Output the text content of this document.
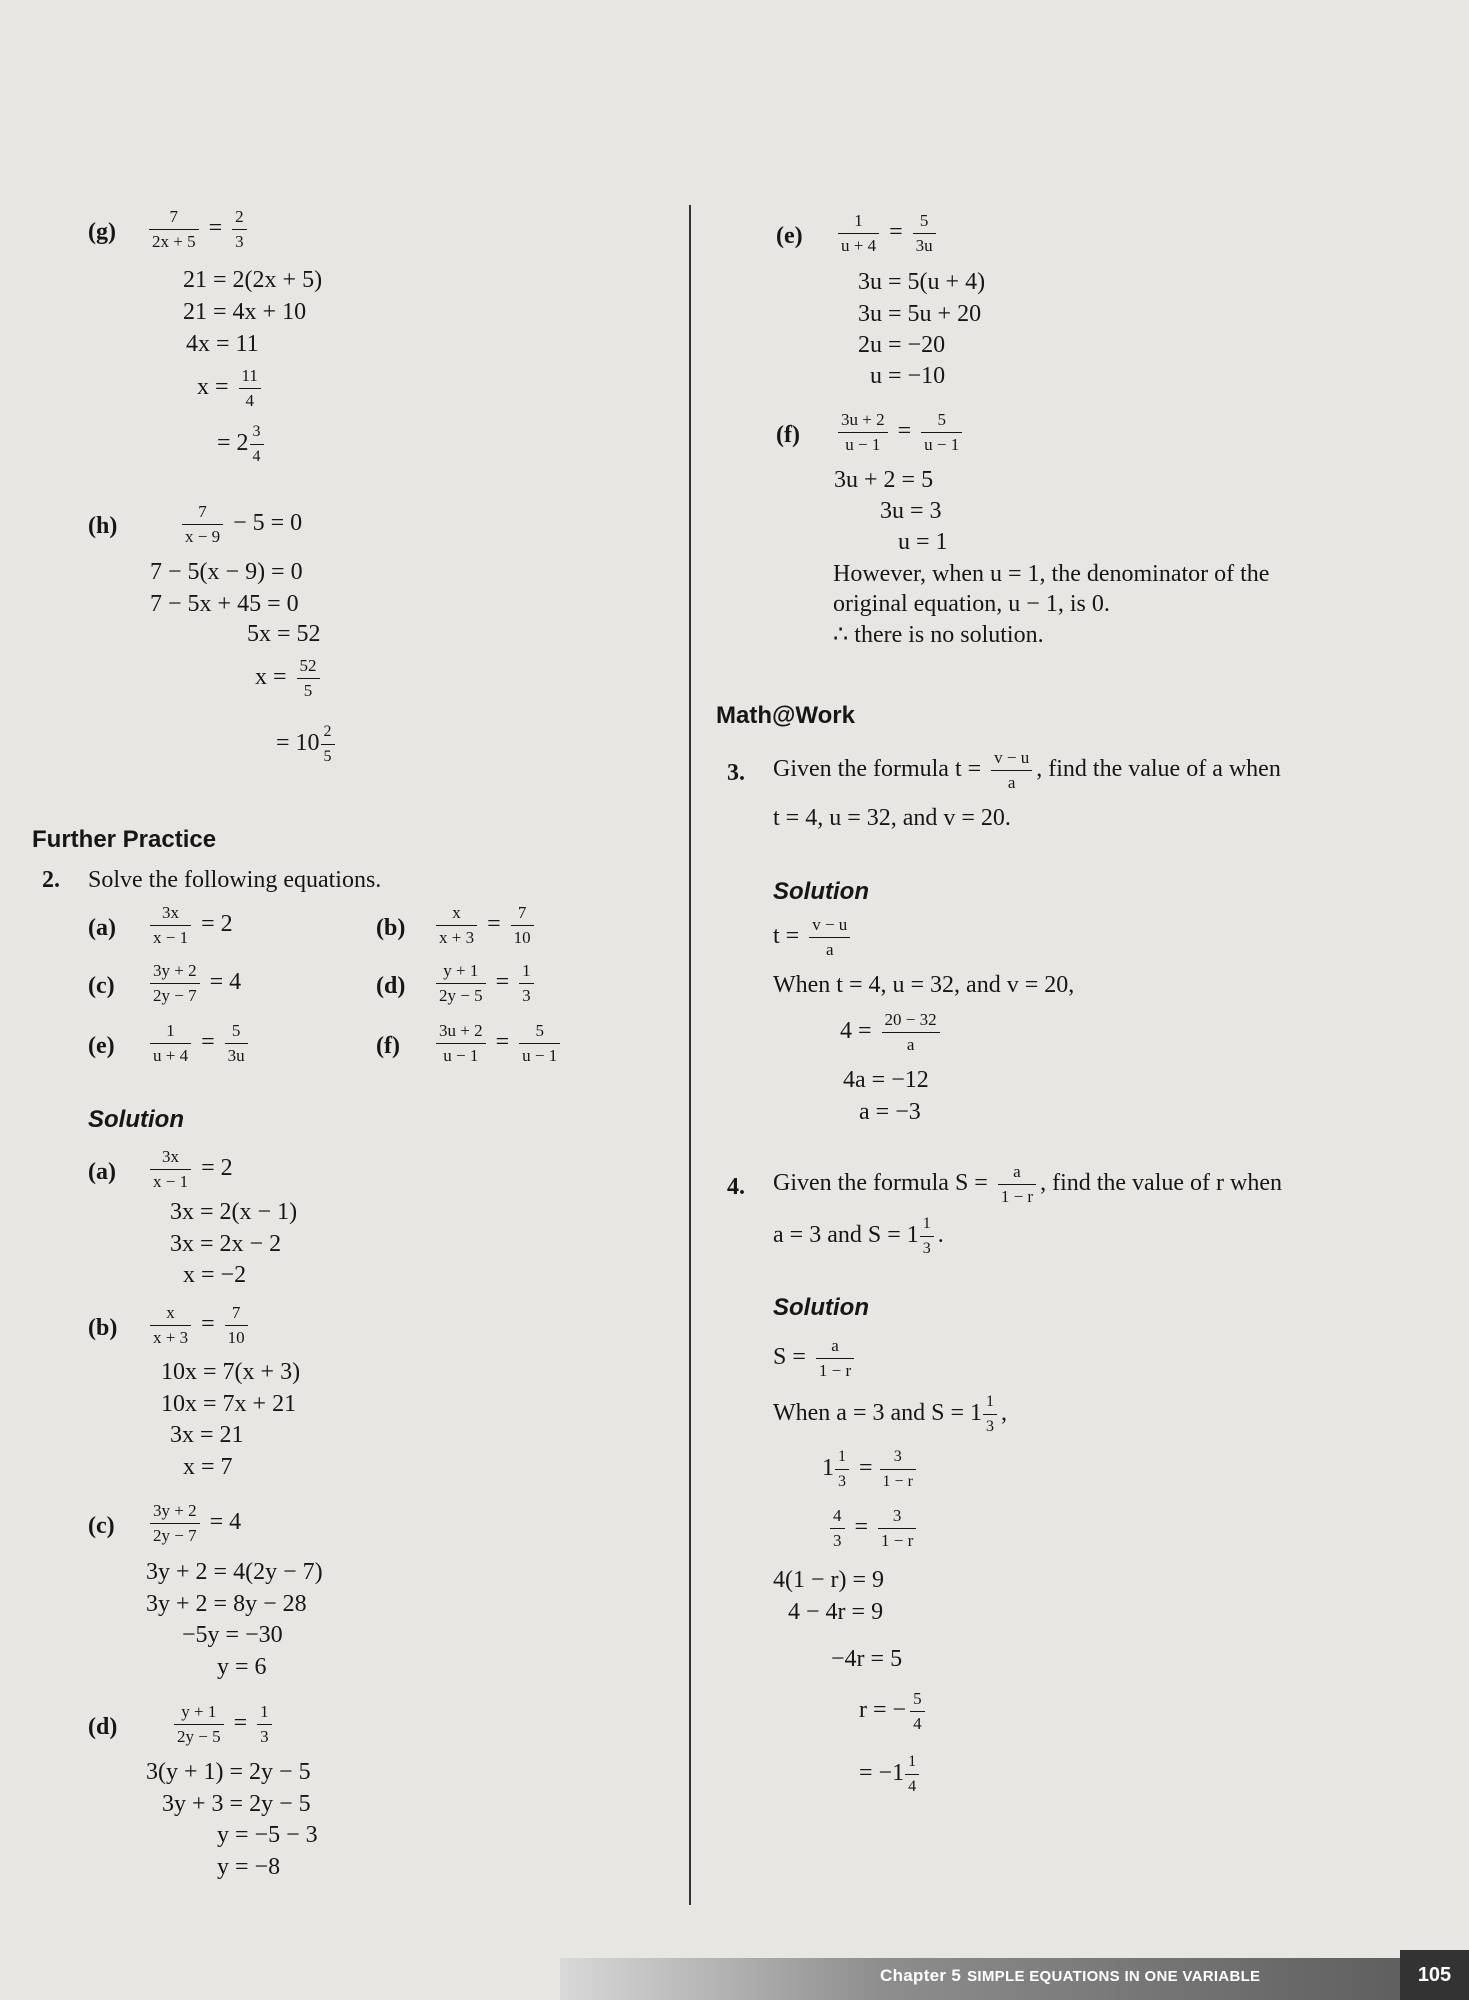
$(g) \frac{7}{2x + 5} = \frac{2}{3}$
21 = 2(2x + 5)
21 = 4x + 10
4x = 11
$x = \frac{11}{4}$
= $2 \frac{3}{4}$
(h)	$\frac{7}{x - 9} - 5 = 0$
7 − 5(x − 9) = 0
7 − 5x + 45 = 0
5x = 52
$x = \frac{52}{5}$
= $10 \frac{2}{5}$
Further Practice
2. Solve the following equations.
$(a) \frac{3x}{x - 1} = 2$	$(b) \frac{x}{x + 3} = \frac{7}{10}$
$(c) \frac{3y + 2}{2y - 7} = 4$	$(d) \frac{y + 1}{2y - 5} = \frac{1}{3}$
$(e) \frac{1}{u + 4} = \frac{5}{3u}$	$(f) \frac{3u + 2}{u - 1} = \frac{5}{u - 1}$
Solution
$(a) \frac{3x}{x - 1} = 2$
3x = 2(x − 1)
3x = 2x − 2
x = −2
$(b) \frac{x}{x + 3} = \frac{7}{10}$
10x = 7(x + 3)
10x = 7x + 21
3x = 21
x = 7
$(c) \frac{3y + 2}{2y - 7} = 4$
3y + 2 = 4(2y − 7)
3y + 2 = 8y − 28
−5y = −30
y = 6
(d)	$\frac{y + 1}{2y - 5} = \frac{1}{3}$
3(y + 1) = 2y − 5
3y + 3 = 2y − 5
y = −5 − 3
y = −8
$(e) \frac{1}{u + 4} = \frac{5}{3u}$
3u = 5(u + 4)
3u = 5u + 20
2u = −20
u = −10
$(f) \frac{3u + 2}{u - 1} = \frac{5}{u - 1}$
3u + 2 = 5
3u = 3
u = 1
However, when u = 1, the denominator of the
original equation, u − 1, is 0.
∴ there is no solution.
Math@Work
3. Given the formula $t = \frac{v - u}{a}$ , find the value of a when
t = 4, u = 32, and v = 20.
Solution
$t = \frac{v - u}{a}$
When t = 4, u = 32, and v = 20,
$4 = \frac{20 - 32}{a}$
4a = −12
a = −3
4. Given the formula $S = \frac{a}{1 - r}$ , find the value of r when
a = 3 and $S = 1 \frac{1}{3}$ .
Solution
$S = \frac{a}{1 - r}$
When a = 3 and $S = 1 \frac{1}{3}$ ,
$1 \frac{1}{3} = \frac{3}{1 - r}$
$\frac{4}{3} = \frac{3}{1 - r}$
4(1 − r) = 9
4 − 4r = 9
−4r = 5
r = − $\frac{5}{4}$
= $-1 \frac{1}{4}$
Chapter 5 SIMPLE EQUATIONS IN ONE VARIABLE	105
